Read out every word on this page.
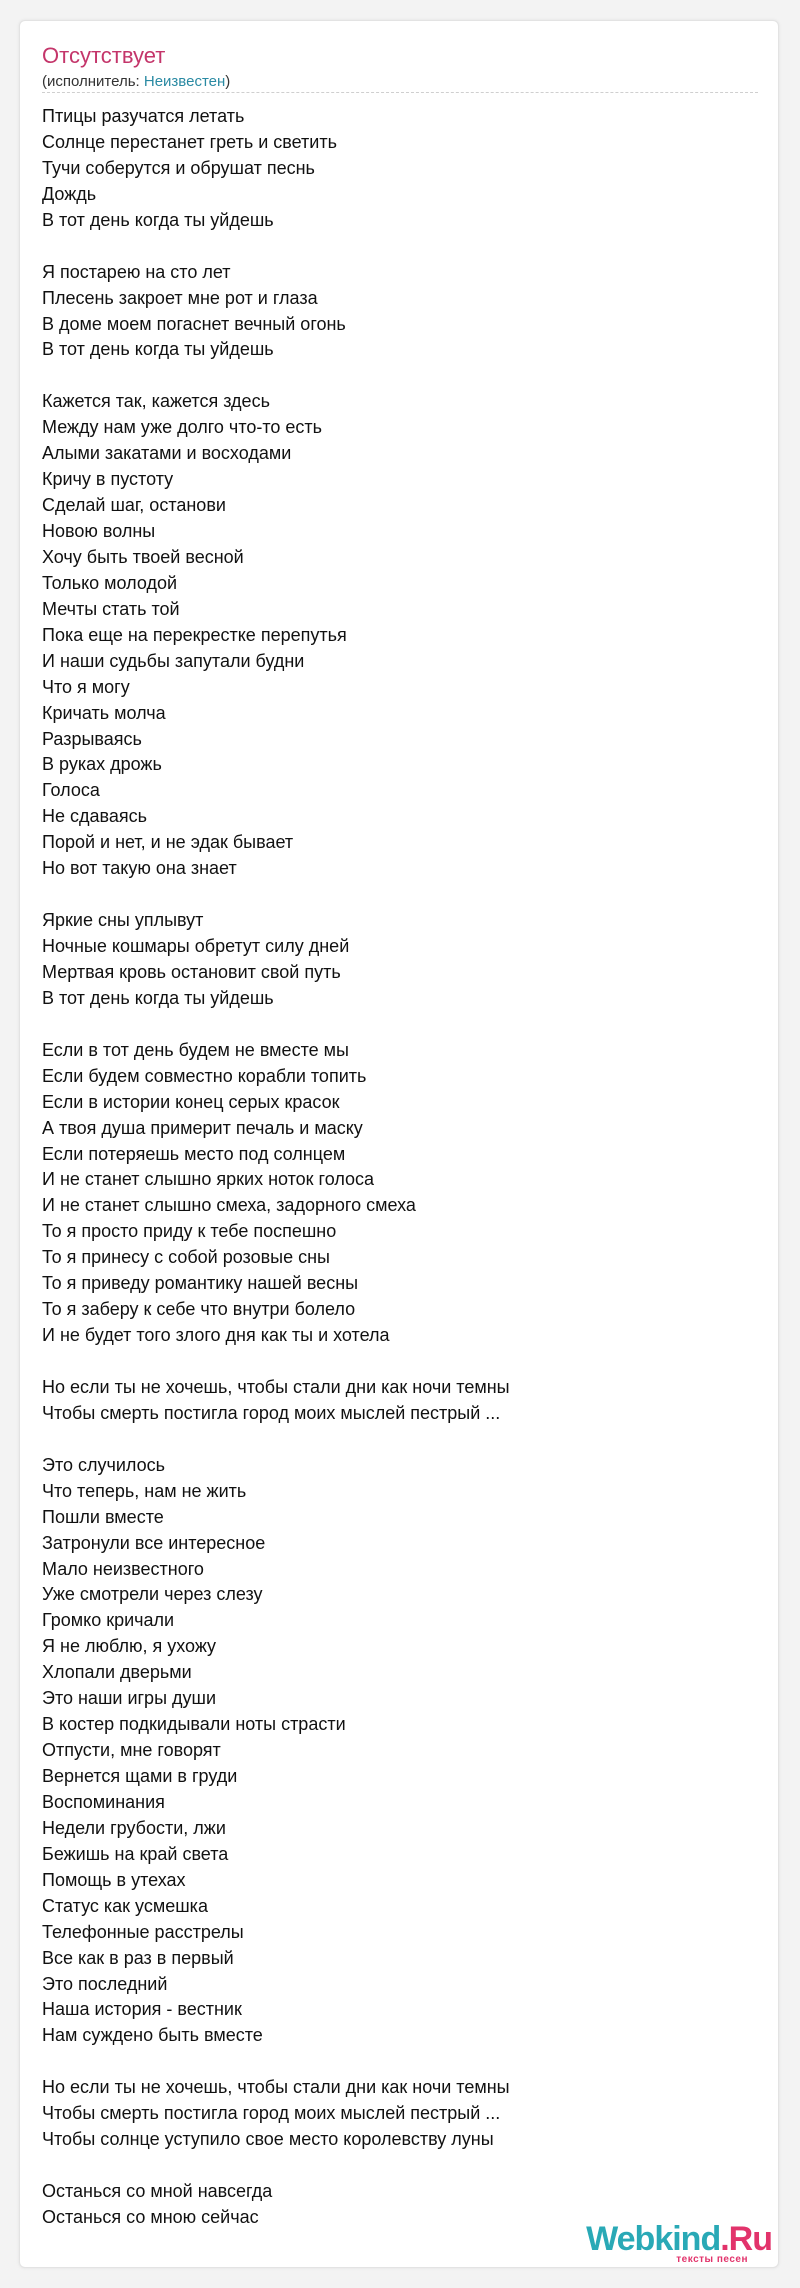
Отсутствует
(исполнитель: Неизвестен)
Птицы разучатся летать
Солнце перестанет греть и светить
Тучи соберутся и обрушат песнь
Дождь
В тот день когда ты уйдешь
Я постарею на сто лет
Плесень закроет мне рот и глаза
В доме моем погаснет вечный огонь
В тот день когда ты уйдешь
Кажется так, кажется здесь
Между нам уже долго что-то есть
Алыми закатами и восходами
Кричу в пустоту
Сделай шаг, останови
Новою волны
Хочу быть твоей весной
Только молодой
Мечты стать той
Пока еще на перекрестке перепутья
И наши судьбы запутали будни
Что я могу
Кричать молча
Разрываясь
В руках дрожь
Голоса
Не сдаваясь
Порой и нет, и не эдак бывает
Но вот такую она знает
Яркие сны уплывут
Ночные кошмары обретут силу дней
Мертвая кровь остановит свой путь
В тот день когда ты уйдешь
Если в тот день будем не вместе мы
Если будем совместно корабли топить
Если в истории конец серых красок
А твоя душа примерит печаль и маску
Если потеряешь место под солнцем
И не станет слышно ярких ноток голоса
И не станет слышно смеха, задорного смеха
То я просто приду к тебе поспешно
То я принесу с собой розовые сны
То я приведу романтику нашей весны
То я заберу к себе что внутри болело
И не будет того злого дня как ты и хотела
Но если ты не хочешь, чтобы стали дни как ночи темны
Чтобы смерть постигла город моих мыслей пестрый ...
Это случилось
Что теперь, нам не жить
Пошли вместе
Затронули все интересное
Мало неизвестного
Уже смотрели через слезу
Громко кричали
Я не люблю, я ухожу
Хлопали дверьми
Это наши игры души
В костер подкидывали ноты страсти
Отпусти, мне говорят
Вернется щами в груди
Воспоминания
Недели грубости, лжи
Бежишь на край света
Помощь в утехах
Статус как усмешка
Телефонные расстрелы
Все как в раз в первый
Это последний
Наша история - вестник
Нам суждено быть вместе
Но если ты не хочешь, чтобы стали дни как ночи темны
Чтобы смерть постигла город моих мыслей пестрый ...
Чтобы солнце уступило свое место королевству луны
Останься со мной навсегда
Останься со мною сейчас
Webkind.Ru
тексты песен
